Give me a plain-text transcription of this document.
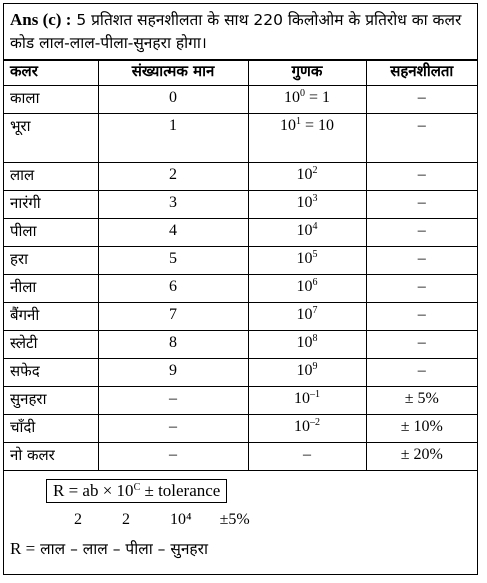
Ans (c) : 5 प्रतिशत सहनशीलता के साथ 220 किलोओम के प्रतिरोध का कलर कोड लाल-लाल-पीला-सुनहरा होगा।
कलर	संख्यात्मक मान	गुणक	सहनशीलता
काला	0	$10^0 = 1$	–
भूरा	1	$10^1 = 10$	–
लाल	2	$10^2$	–
नारंगी	3	$10^3$	–
पीला	4	$10^4$	–
हरा	5	$10^5$	–
नीला	6	$10^6$	–
बैंगनी	7	$10^7$	–
स्लेटी	8	$10^8$	–
सफेद	9	$10^9$	–
सुनहरा	–	$10^{-1}$	± 5%
चाँदी	–	$10^{-2}$	± 10%
नो कलर	–	–	± 20%
R = ab × $10^C$ ± tolerance
2          2          10⁴       ±5%
R = लाल – लाल – पीला – सुनहरा
